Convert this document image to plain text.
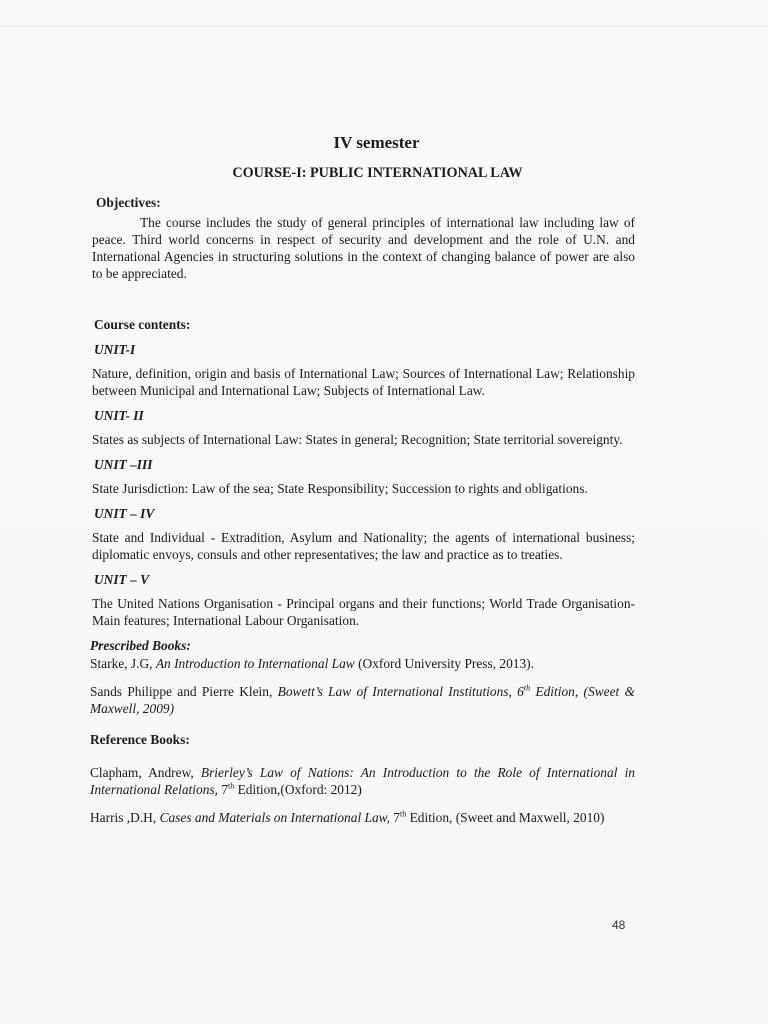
IV semester
COURSE-I: PUBLIC INTERNATIONAL LAW
Objectives:

The course includes the study of general principles of international law including law of peace. Third world concerns in respect of security and development and the role of U.N. and International Agencies in structuring solutions in the context of changing balance of power are also to be appreciated.

Course contents:
UNIT-I

Nature, definition, origin and basis of International Law; Sources of International Law; Relationship between Municipal and International Law; Subjects of International Law.

UNIT- II

States as subjects of International Law: States in general; Recognition; State territorial sovereignty.

UNIT –III

State Jurisdiction: Law of the sea; State Responsibility; Succession to rights and obligations.

UNIT – IV

State and Individual - Extradition, Asylum and Nationality; the agents of international business; diplomatic envoys, consuls and other representatives; the law and practice as to treaties.

UNIT – V

The United Nations Organisation - Principal organs and their functions; World Trade Organisation- Main features; International Labour Organisation.

Prescribed Books:

Starke, J.G, An Introduction to International Law (Oxford University Press, 2013).

Sands Philippe and Pierre Klein, Bowett’s Law of International Institutions, 6th Edition, (Sweet & Maxwell, 2009)

Reference Books:

Clapham, Andrew, Brierley’s Law of Nations: An Introduction to the Role of International in International Relations, 7th Edition,(Oxford: 2012)

Harris ,D.H, Cases and Materials on International Law, 7th Edition, (Sweet and Maxwell, 2010)

48
